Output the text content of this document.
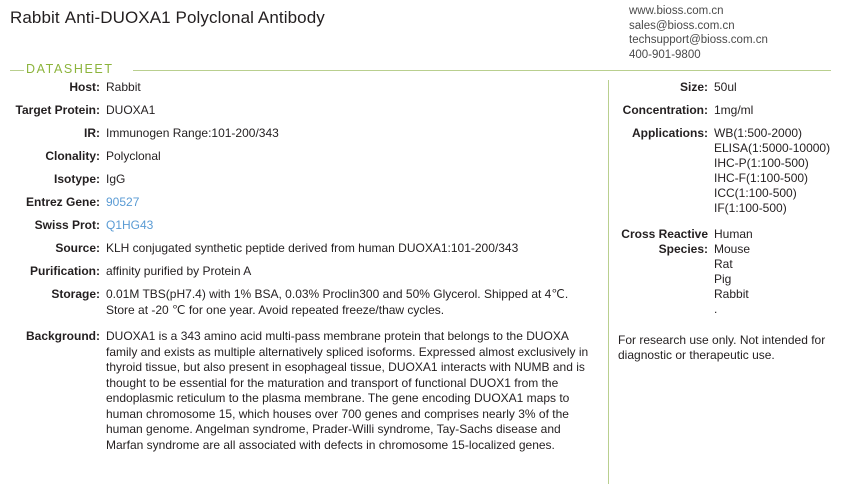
Rabbit Anti-DUOXA1 Polyclonal Antibody	www.bioss.com.cn
sales@bioss.com.cn
techsupport@bioss.com.cn
400-901-9800
DATASHEET
Host: Rabbit
Target Protein: DUOXA1
IR: Immunogen Range:101-200/343
Clonality: Polyclonal
Isotype: IgG
Entrez Gene: 90527
Swiss Prot: Q1HG43
Source: KLH conjugated synthetic peptide derived from human DUOXA1:101-200/343
Purification: affinity purified by Protein A
Storage: 0.01M TBS(pH7.4) with 1% BSA, 0.03% Proclin300 and 50% Glycerol. Shipped at 4℃. Store at -20 ℃ for one year. Avoid repeated freeze/thaw cycles.
Background: DUOXA1 is a 343 amino acid multi-pass membrane protein that belongs to the DUOXA family and exists as multiple alternatively spliced isoforms. Expressed almost exclusively in thyroid tissue, but also present in esophageal tissue, DUOXA1 interacts with NUMB and is thought to be essential for the maturation and transport of functional DUOX1 from the endoplasmic reticulum to the plasma membrane. The gene encoding DUOXA1 maps to human chromosome 15, which houses over 700 genes and comprises nearly 3% of the human genome. Angelman syndrome, Prader-Willi syndrome, Tay-Sachs disease and Marfan syndrome are all associated with defects in chromosome 15-localized genes.
Size: 50ul
Concentration: 1mg/ml
Applications: WB(1:500-2000)
ELISA(1:5000-10000)
IHC-P(1:100-500)
IHC-F(1:100-500)
ICC(1:100-500)
IF(1:100-500)
Cross Reactive
Species:
Human
Mouse
Rat
Pig
Rabbit
.
For research use only. Not intended for diagnostic or therapeutic use.
